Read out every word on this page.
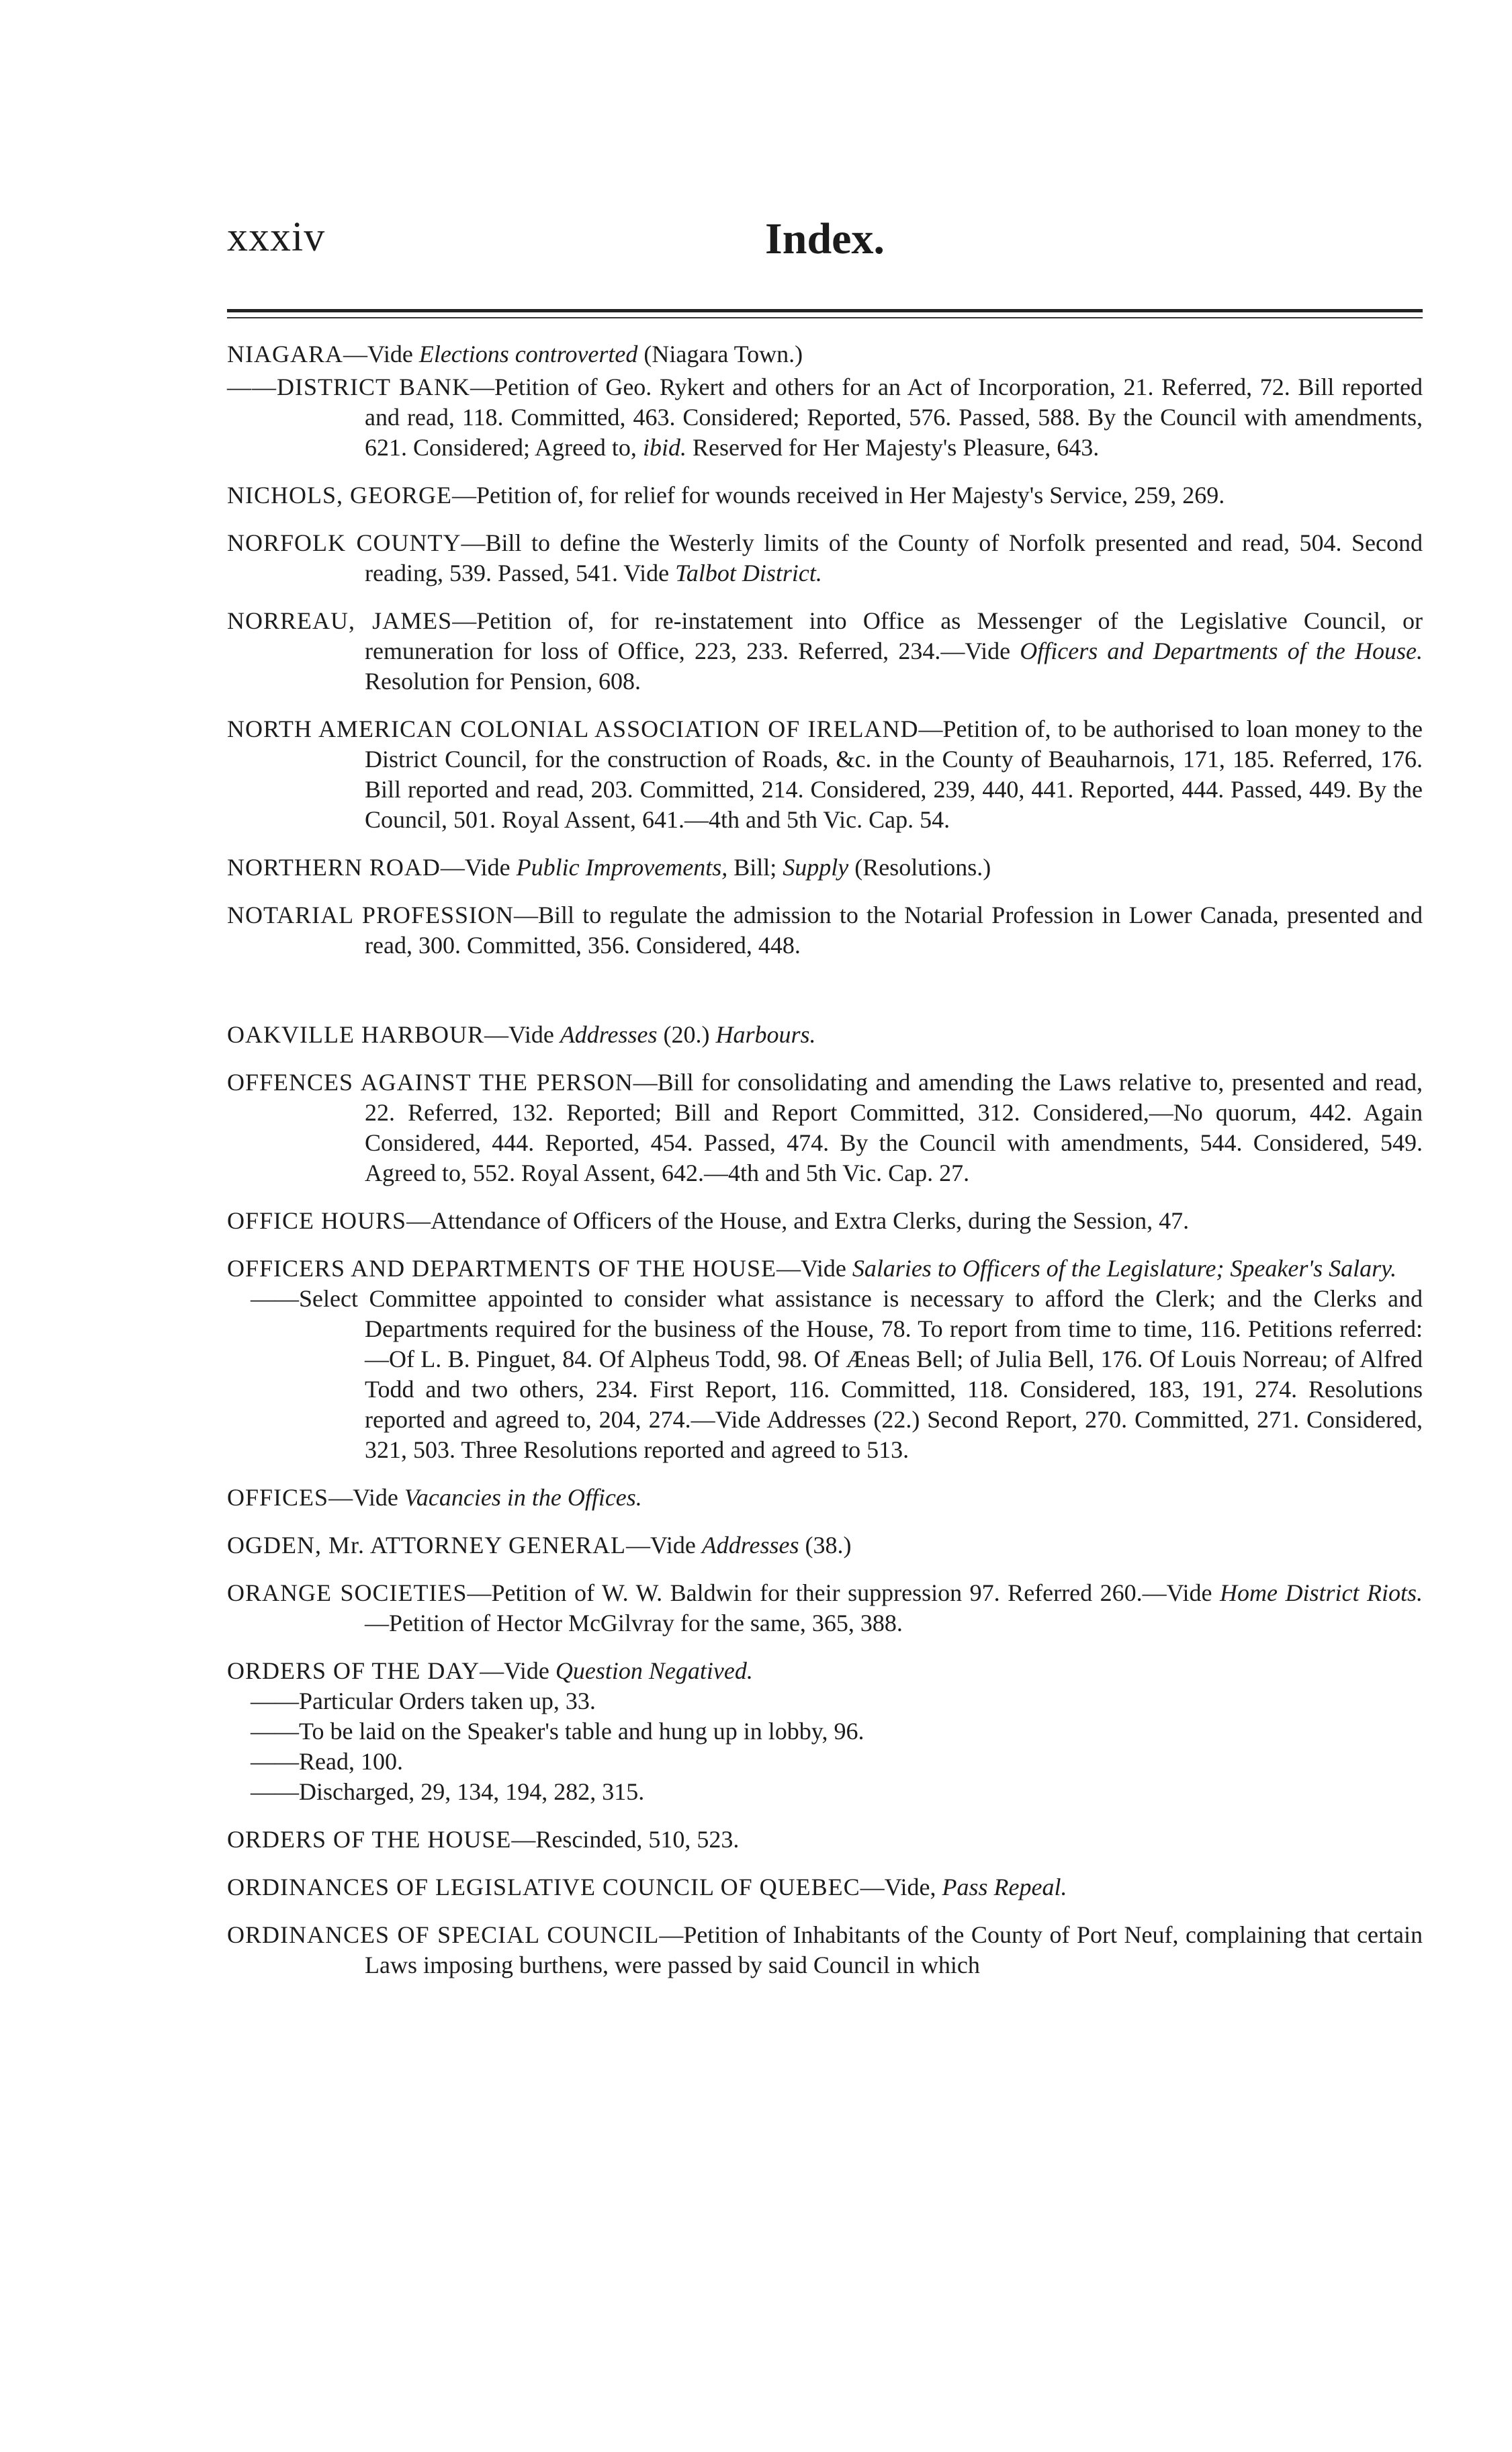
xxxiv	Index.

NIAGARA—Vide Elections controverted (Niagara Town.)

——DISTRICT BANK—Petition of Geo. Rykert and others for an Act of Incorporation, 21. Referred, 72. Bill reported and read, 118. Committed, 463. Considered; Reported, 576. Passed, 588. By the Council with amendments, 621. Considered; Agreed to, ibid. Reserved for Her Majesty's Pleasure, 643.

NICHOLS, GEORGE—Petition of, for relief for wounds received in Her Majesty's Service, 259, 269.

NORFOLK COUNTY—Bill to define the Westerly limits of the County of Norfolk presented and read, 504. Second reading, 539. Passed, 541. Vide Talbot District.

NORREAU, JAMES—Petition of, for re-instatement into Office as Messenger of the Legislative Council, or remuneration for loss of Office, 223, 233. Referred, 234.—Vide Officers and Departments of the House. Resolution for Pension, 608.

NORTH AMERICAN COLONIAL ASSOCIATION OF IRELAND—Petition of, to be authorised to loan money to the District Council, for the construction of Roads, &c. in the County of Beauharnois, 171, 185. Referred, 176. Bill reported and read, 203. Committed, 214. Considered, 239, 440, 441. Reported, 444. Passed, 449. By the Council, 501. Royal Assent, 641.—4th and 5th Vic. Cap. 54.

NORTHERN ROAD—Vide Public Improvements, Bill; Supply (Resolutions.)

NOTARIAL PROFESSION—Bill to regulate the admission to the Notarial Profession in Lower Canada, presented and read, 300. Committed, 356. Considered, 448.

OAKVILLE HARBOUR—Vide Addresses (20.) Harbours.

OFFENCES AGAINST THE PERSON—Bill for consolidating and amending the Laws relative to, presented and read, 22. Referred, 132. Reported; Bill and Report Committed, 312. Considered,—No quorum, 442. Again Considered, 444. Reported, 454. Passed, 474. By the Council with amendments, 544. Considered, 549. Agreed to, 552. Royal Assent, 642.—4th and 5th Vic. Cap. 27.

OFFICE HOURS—Attendance of Officers of the House, and Extra Clerks, during the Session, 47.

OFFICERS AND DEPARTMENTS OF THE HOUSE—Vide Salaries to Officers of the Legislature; Speaker's Salary.

——Select Committee appointed to consider what assistance is necessary to afford the Clerk; and the Clerks and Departments required for the business of the House, 78. To report from time to time, 116. Petitions referred:—Of L. B. Pinguet, 84. Of Alpheus Todd, 98. Of Æneas Bell; of Julia Bell, 176. Of Louis Norreau; of Alfred Todd and two others, 234. First Report, 116. Committed, 118. Considered, 183, 191, 274. Resolutions reported and agreed to, 204, 274.—Vide Addresses (22.) Second Report, 270. Committed, 271. Considered, 321, 503. Three Resolutions reported and agreed to 513.

OFFICES—Vide Vacancies in the Offices.

OGDEN, Mr. ATTORNEY GENERAL—Vide Addresses (38.)

ORANGE SOCIETIES—Petition of W. W. Baldwin for their suppression 97. Referred 260.—Vide Home District Riots.—Petition of Hector McGilvray for the same, 365, 388.

ORDERS OF THE DAY—Vide Question Negatived.

——Particular Orders taken up, 33.

——To be laid on the Speaker's table and hung up in lobby, 96.

——Read, 100.

——Discharged, 29, 134, 194, 282, 315.

ORDERS OF THE HOUSE—Rescinded, 510, 523.

ORDINANCES OF LEGISLATIVE COUNCIL OF QUEBEC—Vide, Pass Repeal.

ORDINANCES OF SPECIAL COUNCIL—Petition of Inhabitants of the County of Port Neuf, complaining that certain Laws imposing burthens, were passed by said Council in which
